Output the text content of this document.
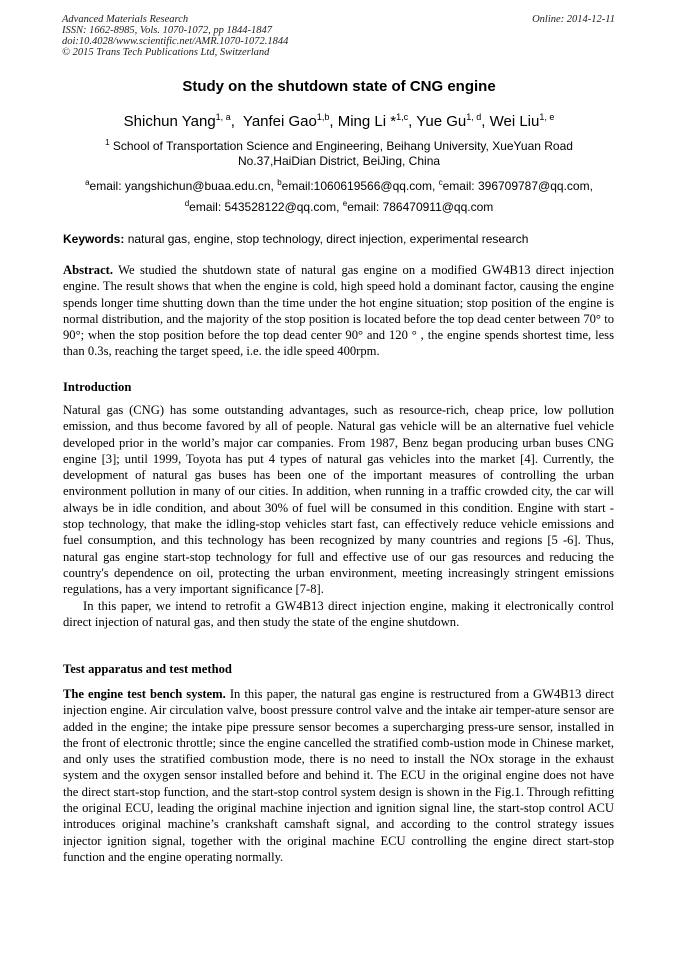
Advanced Materials Research
ISSN: 1662-8985, Vols. 1070-1072, pp 1844-1847
doi:10.4028/www.scientific.net/AMR.1070-1072.1844
© 2015 Trans Tech Publications Ltd, Switzerland
Online: 2014-12-11
Study on the shutdown state of CNG engine
Shichun Yang$^{1, a}$,  Yanfei Gao$^{1,b}$, Ming Li *$^{1,c}$, Yue Gu$^{1, d}$, Wei Liu$^{1, e}$
$^1$ School of Transportation Science and Engineering, Beihang University, XueYuan Road
No.37,HaiDian District, BeiJing, China
$^a$email: yangshichun@buaa.edu.cn, $^b$email:1060619566@qq.com, $^c$email: 396709787@qq.com,
$^d$email: 543528122@qq.com, $^e$email: 786470911@qq.com
Keywords: natural gas, engine, stop technology, direct injection, experimental research

Abstract. We studied the shutdown state of natural gas engine on a modified GW4B13 direct injection engine. The result shows that when the engine is cold, high speed hold a dominant factor, causing the engine spends longer time shutting down than the time under the hot engine situation; stop position of the engine is normal distribution, and the majority of the stop position is located before the top dead center between 70° to 90°; when the stop position before the top dead center 90° and 120 ° , the engine spends shortest time, less than 0.3s, reaching the target speed, i.e. the idle speed 400rpm.

Introduction

Natural gas (CNG) has some outstanding advantages, such as resource-rich, cheap price, low pollution emission, and thus become favored by all of people. Natural gas vehicle will be an alternative fuel vehicle developed prior in the world’s major car companies. From 1987, Benz began producing urban buses CNG engine [3]; until 1999, Toyota has put 4 types of natural gas vehicles into the market [4]. Currently, the development of natural gas buses has been one of the important measures of controlling the urban environment pollution in many of our cities. In addition, when running in a traffic crowded city, the car will always be in idle condition, and about 30% of fuel will be consumed in this condition. Engine with start - stop technology, that make the idling-stop vehicles start fast, can effectively reduce vehicle emissions and fuel consumption, and this technology has been recognized by many countries and regions [5 -6]. Thus, natural gas engine start-stop technology for full and effective use of our gas resources and reducing the country's dependence on oil, protecting the urban environment, meeting increasingly stringent emissions regulations, has a very important significance [7-8].

In this paper, we intend to retrofit a GW4B13 direct injection engine, making it electronically control direct injection of natural gas, and then study the state of the engine shutdown.

Test apparatus and test method

The engine test bench system. In this paper, the natural gas engine is restructured from a GW4B13 direct injection engine. Air circulation valve, boost pressure control valve and the intake air temper-ature sensor are added in the engine; the intake pipe pressure sensor becomes a supercharging press-ure sensor, installed in the front of electronic throttle; since the engine cancelled the stratified comb-ustion mode in Chinese market, and only uses the stratified combustion mode, there is no need to install the NOx storage in the exhaust system and the oxygen sensor installed before and behind it. The ECU in the original engine does not have the direct start-stop function, and the start-stop control system design is shown in the Fig.1. Through refitting the original ECU, leading the original machine injection and ignition signal line, the start-stop control ACU introduces original machine’s crankshaft camshaft signal, and according to the control strategy issues injector ignition signal, together with the original machine ECU controlling the engine direct start-stop function and the engine operating normally.
